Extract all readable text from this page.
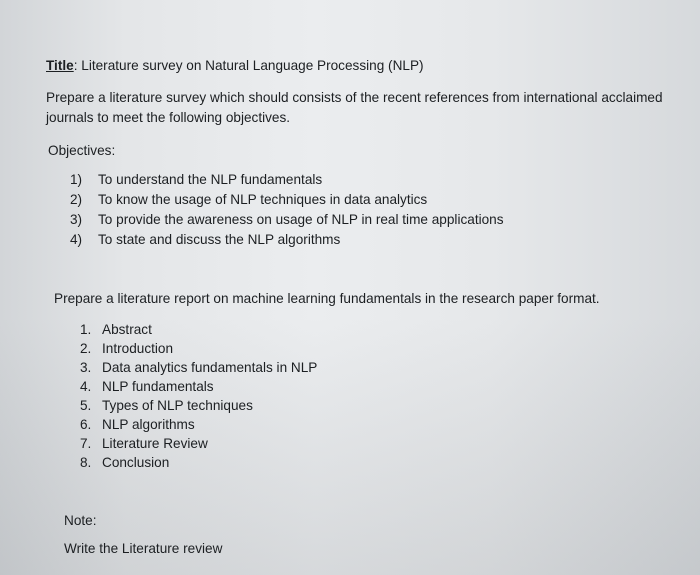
Title: Literature survey on Natural Language Processing (NLP)
Prepare a literature survey which should consists of the recent references from international acclaimed journals to meet the following objectives.
Objectives:
1) To understand the NLP fundamentals
2) To know the usage of NLP techniques in data analytics
3) To provide the awareness on usage of NLP in real time applications
4) To state and discuss the NLP algorithms
Prepare a literature report on machine learning fundamentals in the research paper format.
1. Abstract
2. Introduction
3. Data analytics fundamentals in NLP
4. NLP fundamentals
5. Types of NLP techniques
6. NLP algorithms
7. Literature Review
8. Conclusion
Note:
Write the Literature review
